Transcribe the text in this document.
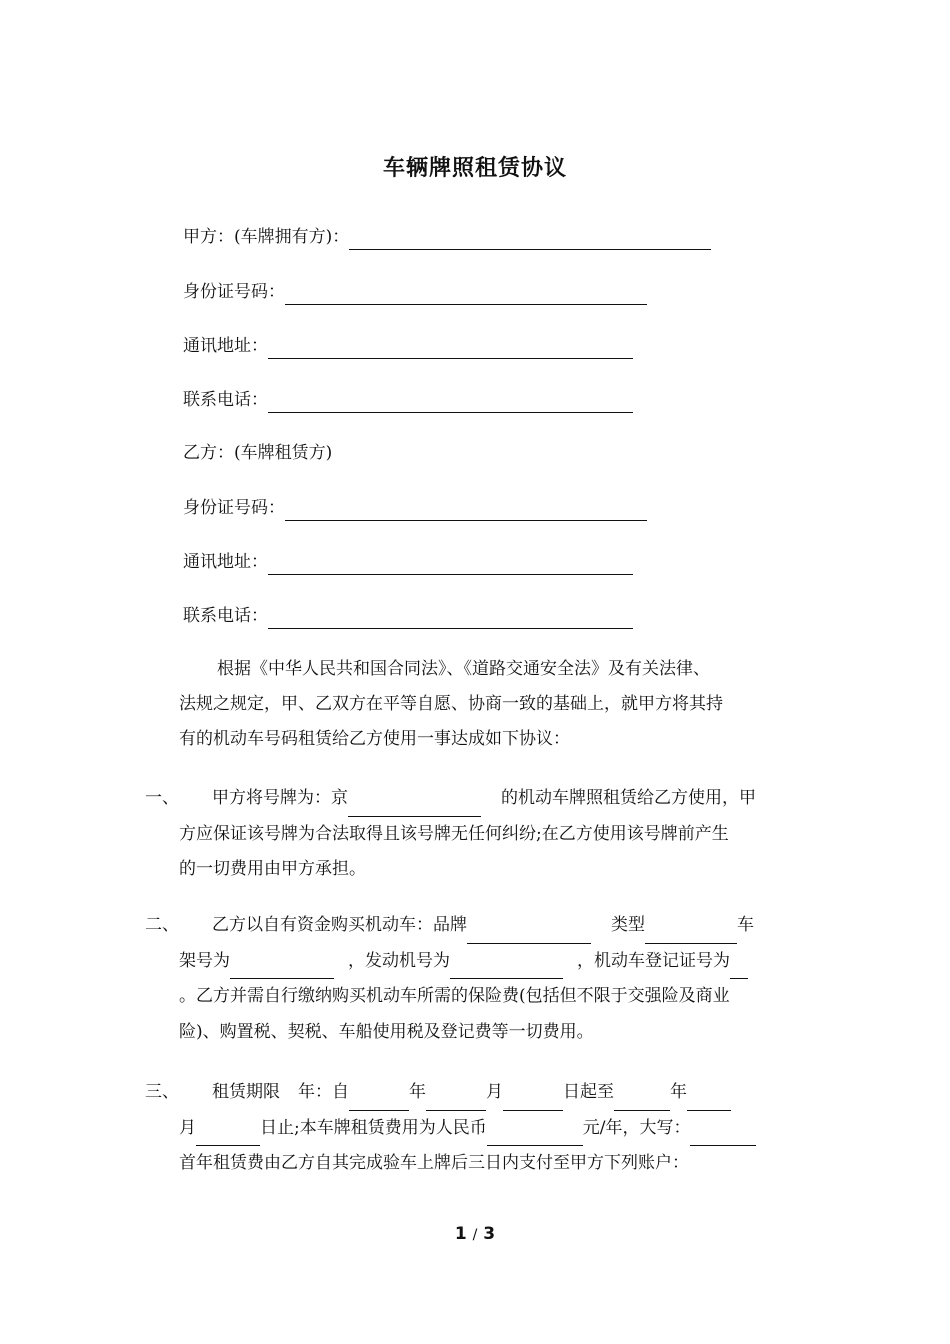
车辆牌照租赁协议
甲方：(车牌拥有方)：
身份证号码：
通讯地址：
联系电话：
乙方：(车牌租赁方)
身份证号码：
通讯地址：
联系电话：
根据《中华人民共和国合同法》、《道路交通安全法》及有关法律、
法规之规定，甲、乙双方在平等自愿、协商一致的基础上，就甲方将其持
有的机动车号码租赁给乙方使用一事达成如下协议：
一、	甲方将号牌为：京	的机动车牌照租赁给乙方使用，甲
方应保证该号牌为合法取得且该号牌无任何纠纷;在乙方使用该号牌前产生
的一切费用由甲方承担。
二、	乙方以自有资金购买机动车：品牌	类型	车
架号为	，发动机号为	，机动车登记证号为
。乙方并需自行缴纳购买机动车所需的保险费(包括但不限于交强险及商业
险)、购置税、契税、车船使用税及登记费等一切费用。
三、	租赁期限 年：自	年	月	日起至	年
月	日止;本车牌租赁费用为人民币	元/年，大写：
首年租赁费由乙方自其完成验车上牌后三日内支付至甲方下列账户：
1 / 3
